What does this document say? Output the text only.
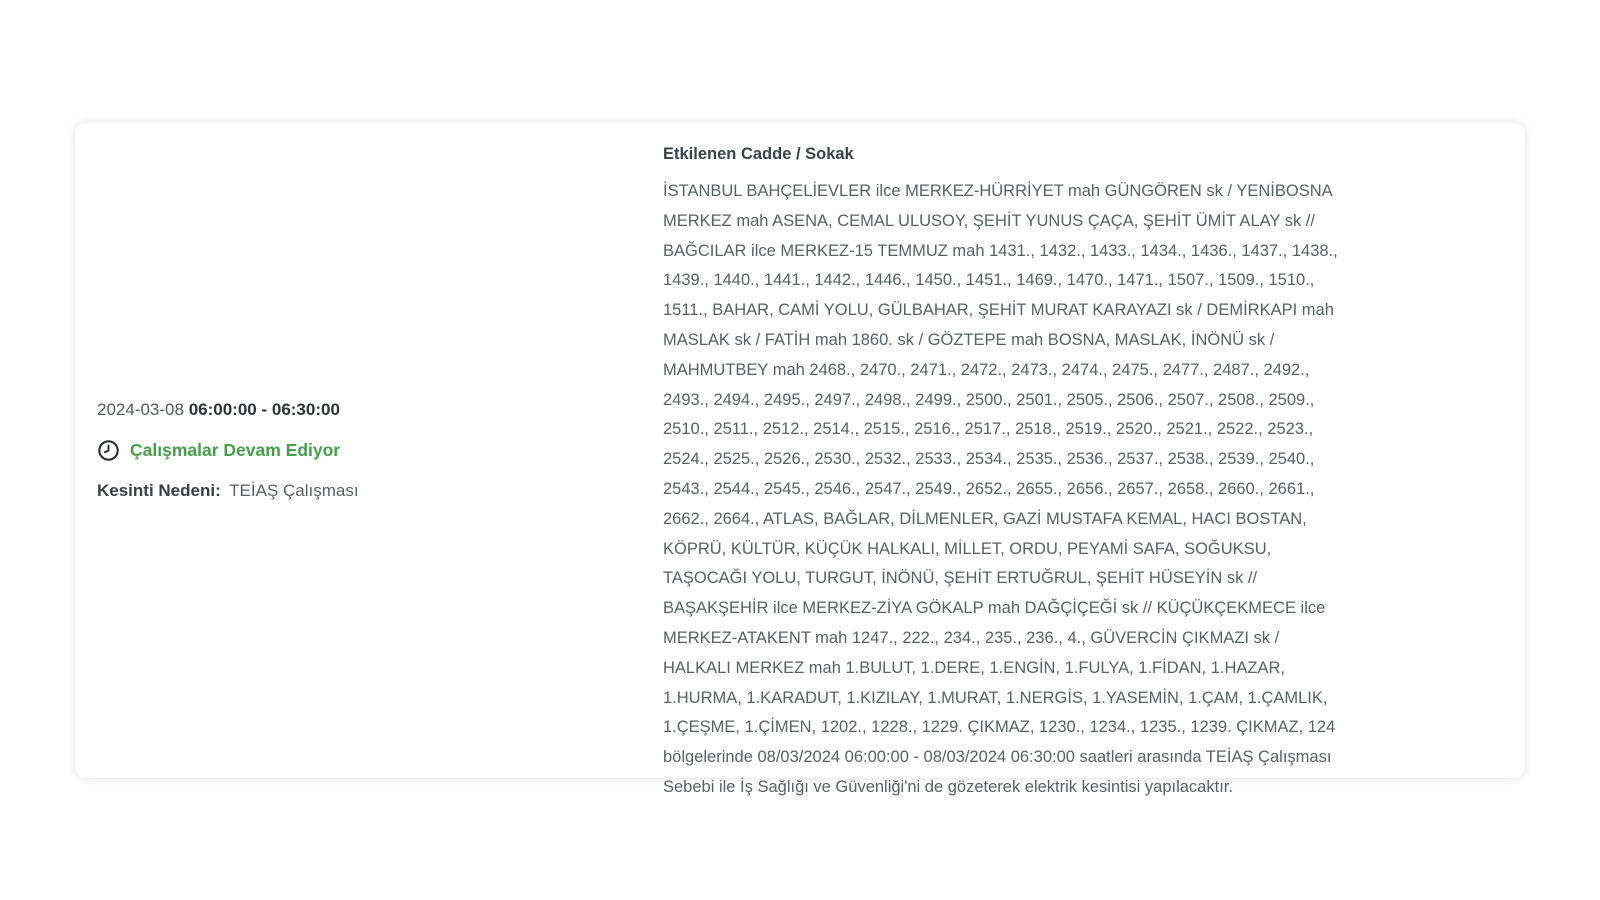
2024-03-08 06:00:00 - 06:30:00
Çalışmalar Devam Ediyor
Kesinti Nedeni: TEİAŞ Çalışması
Etkilenen Cadde / Sokak

İSTANBUL BAHÇELİEVLER ilce MERKEZ-HÜRRİYET mah GÜNGÖREN sk / YENİBOSNA MERKEZ mah ASENA, CEMAL ULUSOY, ŞEHİT YUNUS ÇAÇA, ŞEHİT ÜMİT ALAY sk // BAĞCILAR ilce MERKEZ-15 TEMMUZ mah 1431., 1432., 1433., 1434., 1436., 1437., 1438., 1439., 1440., 1441., 1442., 1446., 1450., 1451., 1469., 1470., 1471., 1507., 1509., 1510., 1511., BAHAR, CAMİ YOLU, GÜLBAHAR, ŞEHİT MURAT KARAYAZI sk / DEMİRKAPI mah MASLAK sk / FATİH mah 1860. sk / GÖZTEPE mah BOSNA, MASLAK, İNÖNÜ sk / MAHMUTBEY mah 2468., 2470., 2471., 2472., 2473., 2474., 2475., 2477., 2487., 2492., 2493., 2494., 2495., 2497., 2498., 2499., 2500., 2501., 2505., 2506., 2507., 2508., 2509., 2510., 2511., 2512., 2514., 2515., 2516., 2517., 2518., 2519., 2520., 2521., 2522., 2523., 2524., 2525., 2526., 2530., 2532., 2533., 2534., 2535., 2536., 2537., 2538., 2539., 2540., 2543., 2544., 2545., 2546., 2547., 2549., 2652., 2655., 2656., 2657., 2658., 2660., 2661., 2662., 2664., ATLAS, BAĞLAR, DİLMENLER, GAZİ MUSTAFA KEMAL, HACI BOSTAN, KÖPRÜ, KÜLTÜR, KÜÇÜK HALKALI, MİLLET, ORDU, PEYAMİ SAFA, SOĞUKSU, TAŞOCAĞI YOLU, TURGUT, İNÖNÜ, ŞEHİT ERTUĞRUL, ŞEHİT HÜSEYİN sk // BAŞAKŞEHİR ilce MERKEZ-ZİYA GÖKALP mah DAĞÇİÇEĞİ sk // KÜÇÜKÇEKMECE ilce MERKEZ-ATAKENT mah 1247., 222., 234., 235., 236., 4., GÜVERCİN ÇIKMAZI sk / HALKALI MERKEZ mah 1.BULUT, 1.DERE, 1.ENGİN, 1.FULYA, 1.FİDAN, 1.HAZAR, 1.HURMA, 1.KARADUT, 1.KIZILAY, 1.MURAT, 1.NERGİS, 1.YASEMİN, 1.ÇAM, 1.ÇAMLIK, 1.ÇEŞME, 1.ÇİMEN, 1202., 1228., 1229. ÇIKMAZ, 1230., 1234., 1235., 1239. ÇIKMAZ, 124 bölgelerinde 08/03/2024 06:00:00 - 08/03/2024 06:30:00 saatleri arasında TEİAŞ Çalışması Sebebi ile İş Sağlığı ve Güvenliği'ni de gözeterek elektrik kesintisi yapılacaktır.
